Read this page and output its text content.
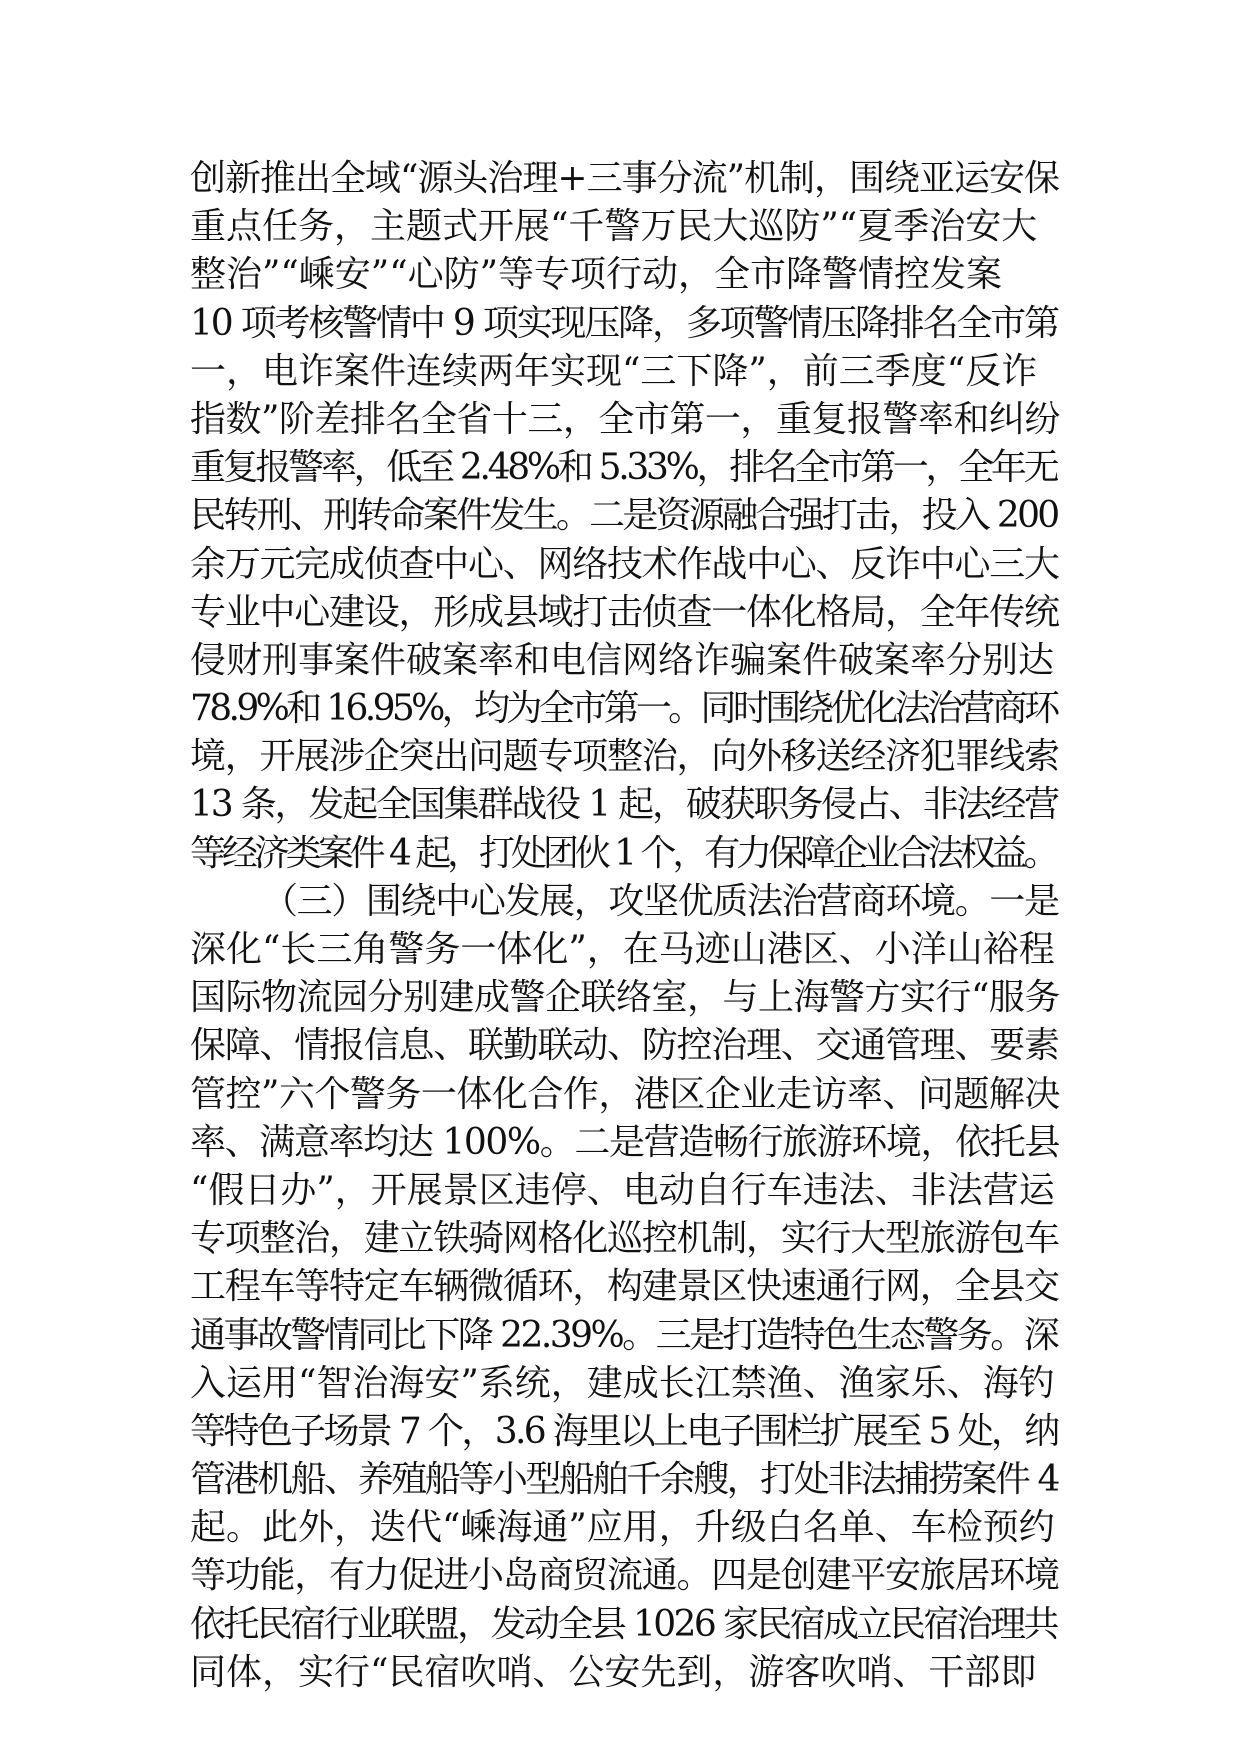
创新推出全域“源头治理+三事分流”机制，围绕亚运安保
重点任务，主题式开展“千警万民大巡防”“夏季治安大
整治”“嵊安”“心防”等专项行动，全市降警情控发案
10 项考核警情中 9 项实现压降，多项警情压降排名全市第
一，电诈案件连续两年实现“三下降”，前三季度“反诈
指数”阶差排名全省十三，全市第一，重复报警率和纠纷
重复报警率，低至 2.48%和 5.33%，排名全市第一，全年无
民转刑、刑转命案件发生。二是资源融合强打击，投入 200
余万元完成侦查中心、网络技术作战中心、反诈中心三大
专业中心建设，形成县域打击侦查一体化格局，全年传统
侵财刑事案件破案率和电信网络诈骗案件破案率分别达
78.9%和 16.95%，均为全市第一。同时围绕优化法治营商环
境，开展涉企突出问题专项整治，向外移送经济犯罪线索
13 条，发起全国集群战役 1 起，破获职务侵占、非法经营
等经济类案件 4 起，打处团伙 1 个，有力保障企业合法权益。
（三）围绕中心发展，攻坚优质法治营商环境。一是
深化“长三角警务一体化”，在马迹山港区、小洋山裕程
国际物流园分别建成警企联络室，与上海警方实行“服务
保障、情报信息、联勤联动、防控治理、交通管理、要素
管控”六个警务一体化合作，港区企业走访率、问题解决
率、满意率均达 100%。二是营造畅行旅游环境，依托县
“假日办”，开展景区违停、电动自行车违法、非法营运
专项整治，建立铁骑网格化巡控机制，实行大型旅游包车
工程车等特定车辆微循环，构建景区快速通行网，全县交
通事故警情同比下降 22.39%。三是打造特色生态警务。深
入运用“智治海安”系统，建成长江禁渔、渔家乐、海钓
等特色子场景 7 个，3.6 海里以上电子围栏扩展至 5 处，纳
管港机船、养殖船等小型船舶千余艘，打处非法捕捞案件 4
起。此外，迭代“嵊海通”应用，升级白名单、车检预约
等功能，有力促进小岛商贸流通。四是创建平安旅居环境
依托民宿行业联盟，发动全县 1026 家民宿成立民宿治理共
同体，实行“民宿吹哨、公安先到，游客吹哨、干部即
